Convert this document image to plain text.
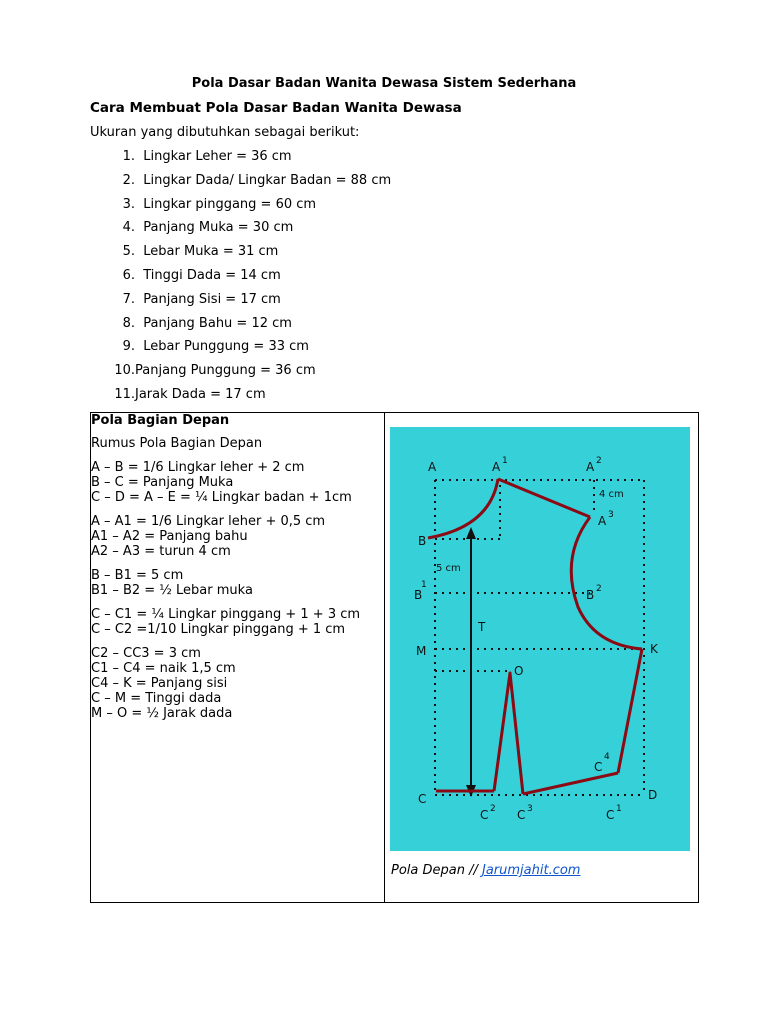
Pola Dasar Badan Wanita Dewasa Sistem Sederhana
Cara Membuat Pola Dasar Badan Wanita Dewasa
Ukuran yang dibutuhkan sebagai berikut:
1. Lingkar Leher = 36 cm
2. Lingkar Dada/ Lingkar Badan = 88 cm
3. Lingkar pinggang = 60 cm
4. Panjang Muka = 30 cm
5. Lebar Muka = 31 cm
6. Tinggi Dada = 14 cm
7. Panjang Sisi = 17 cm
8. Panjang Bahu = 12 cm
9. Lebar Punggung = 33 cm
10.Panjang Punggung = 36 cm
11.Jarak Dada = 17 cm
Pola Bagian Depan
Rumus Pola Bagian Depan
A – B = 1/6 Lingkar leher + 2 cm
B – C = Panjang Muka
C – D = A – E = ¼ Lingkar badan + 1cm
A – A1 = 1/6 Lingkar leher + 0,5 cm
A1 – A2 = Panjang bahu
A2 – A3 = turun 4 cm
B – B1 = 5 cm
B1 – B2 = ½ Lebar muka
C – C1 = ¼ Lingkar pinggang + 1 + 3 cm
C – C2 =1/10 Lingkar pinggang + 1 cm
C2 – CC3 = 3 cm
C1 – C4 = naik 1,5 cm
C4 – K = Panjang sisi
C – M = Tinggi dada
M – O = ½ Jarak dada

A	A 1	A 2
4 cm
A 3
B
5 cm
B
1
B 2
T
M	K
O
C
4
C
C 2 C 3	C 1
D
Pola Depan // Jarumjahit.com
